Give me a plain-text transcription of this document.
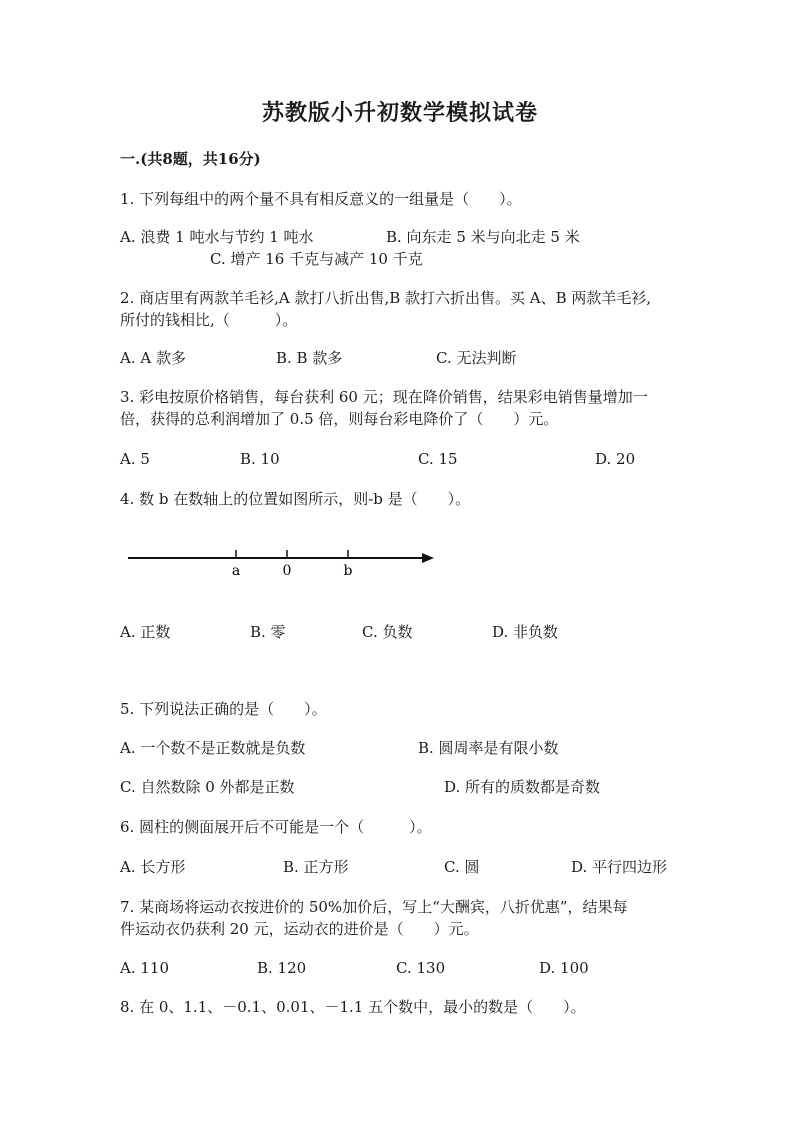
苏教版小升初数学模拟试卷
一.(共8题，共16分)
1. 下列每组中的两个量不具有相反意义的一组量是（　　）。
A. 浪费 1 吨水与节约 1 吨水	B. 向东走 5 米与向北走 5 米
C. 增产 16 千克与减产 10 千克
2. 商店里有两款羊毛衫,A 款打八折出售,B 款打六折出售。买 A、B 两款羊毛衫,
所付的钱相比,（　　　）。
A. A 款多	B. B 款多	C. 无法判断
3. 彩电按原价格销售，每台获利 60 元；现在降价销售，结果彩电销售量增加一
倍，获得的总利润增加了 0.5 倍，则每台彩电降价了（　　）元。
A. 5	B. 10	C. 15	D. 20
4. 数 b 在数轴上的位置如图所示，则-b 是（　　）。
a	0	b
A. 正数	B. 零	C. 负数	D. 非负数
5. 下列说法正确的是（　　）。
A. 一个数不是正数就是负数	B. 圆周率是有限小数
C. 自然数除 0 外都是正数	D. 所有的质数都是奇数
6. 圆柱的侧面展开后不可能是一个（　　　）。
A. 长方形	B. 正方形	C. 圆	D. 平行四边形
7. 某商场将运动衣按进价的 50%加价后，写上“大酬宾，八折优惠”，结果每
件运动衣仍获利 20 元，运动衣的进价是（　　）元。
A. 110	B. 120	C. 130	D. 100
8. 在 0、1.1、－0.1、0.01、－1.1 五个数中，最小的数是（　　）。
